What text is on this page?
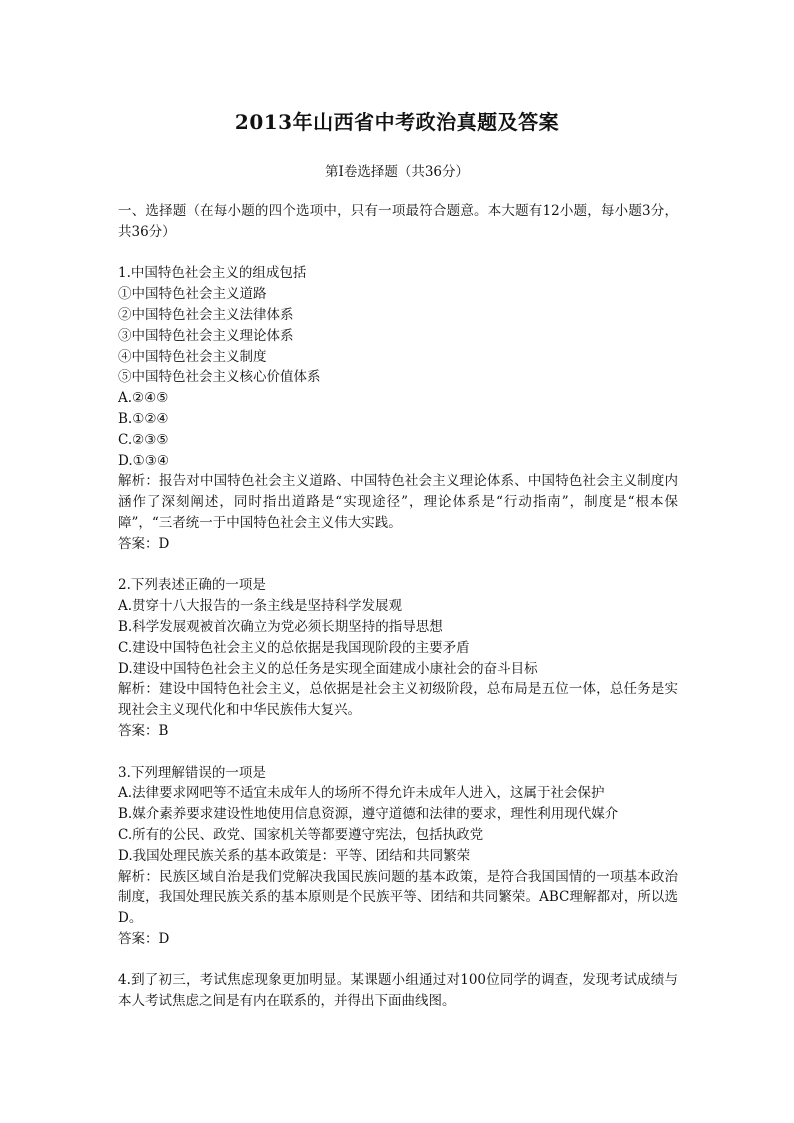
2013年山西省中考政治真题及答案
第Ⅰ卷选择题（共36分）
一、选择题（在每小题的四个选项中，只有一项最符合题意。本大题有12小题，每小题3分，共36分）
1.中国特色社会主义的组成包括
①中国特色社会主义道路
②中国特色社会主义法律体系
③中国特色社会主义理论体系
④中国特色社会主义制度
⑤中国特色社会主义核心价值体系
A.②④⑤
B.①②④
C.②③⑤
D.①③④
解析：报告对中国特色社会主义道路、中国特色社会主义理论体系、中国特色社会主义制度内涵作了深刻阐述，同时指出道路是“实现途径”，理论体系是“行动指南”，制度是“根本保障”，“三者统一于中国特色社会主义伟大实践。
答案：D
2.下列表述正确的一项是
A.贯穿十八大报告的一条主线是坚持科学发展观
B.科学发展观被首次确立为党必须长期坚持的指导思想
C.建设中国特色社会主义的总依据是我国现阶段的主要矛盾
D.建设中国特色社会主义的总任务是实现全面建成小康社会的奋斗目标
解析：建设中国特色社会主义，总依据是社会主义初级阶段，总布局是五位一体，总任务是实现社会主义现代化和中华民族伟大复兴。
答案：B
3.下列理解错误的一项是
A.法律要求网吧等不适宜未成年人的场所不得允许未成年人进入，这属于社会保护
B.媒介素养要求建设性地使用信息资源，遵守道德和法律的要求，理性利用现代媒介
C.所有的公民、政党、国家机关等都要遵守宪法，包括执政党
D.我国处理民族关系的基本政策是：平等、团结和共同繁荣
解析：民族区域自治是我们党解决我国民族问题的基本政策，是符合我国国情的一项基本政治制度，我国处理民族关系的基本原则是个民族平等、团结和共同繁荣。ABC理解都对，所以选D。
答案：D
4.到了初三，考试焦虑现象更加明显。某课题小组通过对100位同学的调查，发现考试成绩与本人考试焦虑之间是有内在联系的，并得出下面曲线图。
